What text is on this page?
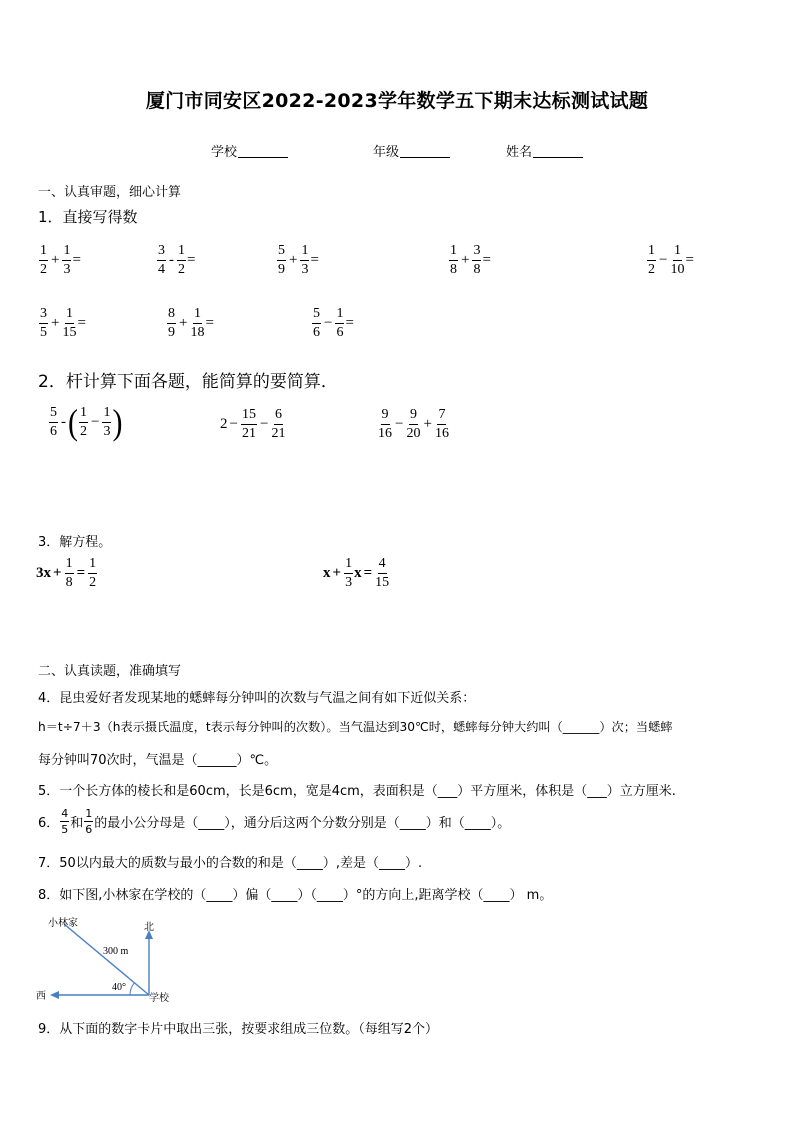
厦门市同安区2022-2023学年数学五下期末达标测试试题
学校	年级	姓名
一、认真审题，细心计算
1．直接写得数
$\frac{1}{2} + \frac{1}{3}$ =	$\frac{3}{4} - \frac{1}{2}$ =	$\frac{5}{9} + \frac{1}{3}$ =	$\frac{1}{8} + \frac{3}{8}$ =	$\frac{1}{2} - \frac{1}{10}$ =
$\frac{3}{5} + \frac{1}{15}$ =	$\frac{8}{9} + \frac{1}{18}$ =	$\frac{5}{6} - \frac{1}{6}$ =
2．杆计算下面各题，能简算的要简算．
$\frac{5}{6}$ - ( $\frac{1}{2} - \frac{1}{3}$ )	$2 - \frac{15}{21} - \frac{6}{21}$	$\frac{9}{16} - \frac{9}{20} + \frac{7}{16}$
3．解方程。
$3x + \frac{1}{8} = \frac{1}{2}$	$x + \frac{1}{3}$ $x = \frac{4}{15}$
二、认真读题，准确填写
4．昆虫爱好者发现某地的蟋蟀每分钟叫的次数与气温之间有如下近似关系：
h＝t÷7＋3（h表示摄氏温度，t表示每分钟叫的次数）。当气温达到30℃时，蟋蟀每分钟大约叫（______）次；当蟋蟀
每分钟叫70次时，气温是（______）℃。
5．一个长方体的棱长和是60cm，长是6cm，宽是4cm，表面积是（___）平方厘米，体积是（___）立方厘米.
6． $\frac{4}{5}$ 和 $\frac{1}{6}$ 的最小公分母是（____），通分后这两个分数分别是（____）和（____）。
7．50以内最大的质数与最小的合数的和是（____）,差是（____）.
8．如下图,小林家在学校的（____）偏（____）（____）°的方向上,距离学校（____） m。
小林家	北
西	学校
300 m
40°
9．从下面的数字卡片中取出三张，按要求组成三位数。（每组写2个）
